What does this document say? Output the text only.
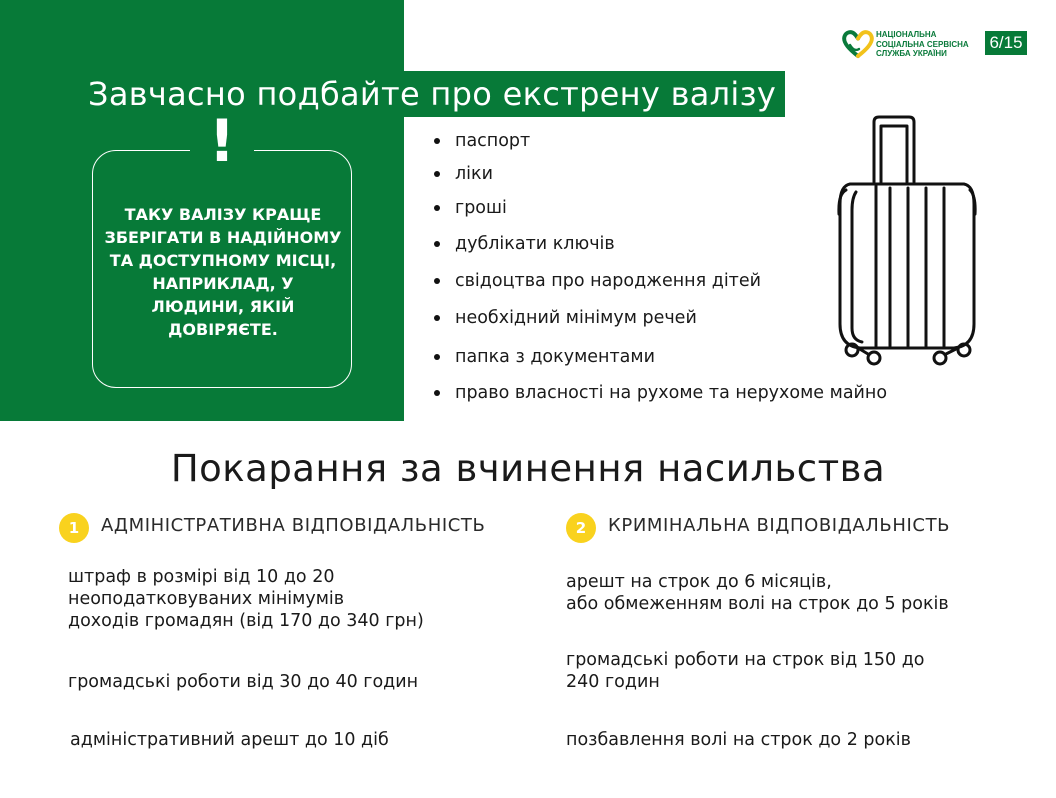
Завчасно подбайте про екстрену валізу
!

ТАКУ ВАЛІЗУ КРАЩЕ ЗБЕРІГАТИ В НАДІЙНОМУ ТА ДОСТУПНОМУ МІСЦІ, НАПРИКЛАД, У ЛЮДИНИ, ЯКІЙ ДОВІРЯЄТЕ.

НАЦІОНАЛЬНА
СОЦІАЛЬНА СЕРВІСНА
СЛУЖБА УКРАЇНИ
6/15
паспорт
ліки
гроші
дублікати ключів
свідоцтва про народження дітей
необхідний мінімум речей
папка з документами
право власності на рухоме та нерухоме майно
Покарання за вчинення насильства
1	АДМІНІСТРАТИВНА ВІДПОВІДАЛЬНІСТЬ	2	КРИМІНАЛЬНА ВІДПОВІДАЛЬНІСТЬ
штраф в розмірі від 10 до 20
неоподатковуваних мінімумів
доходів громадян (від 170 до 340 грн)
громадські роботи від 30 до 40 годин
адміністративний арешт до 10 діб
арешт на строк до 6 місяців,
або обмеженням волі на строк до 5 років
громадські роботи на строк від 150 до
240 годин
позбавлення волі на строк до 2 років
